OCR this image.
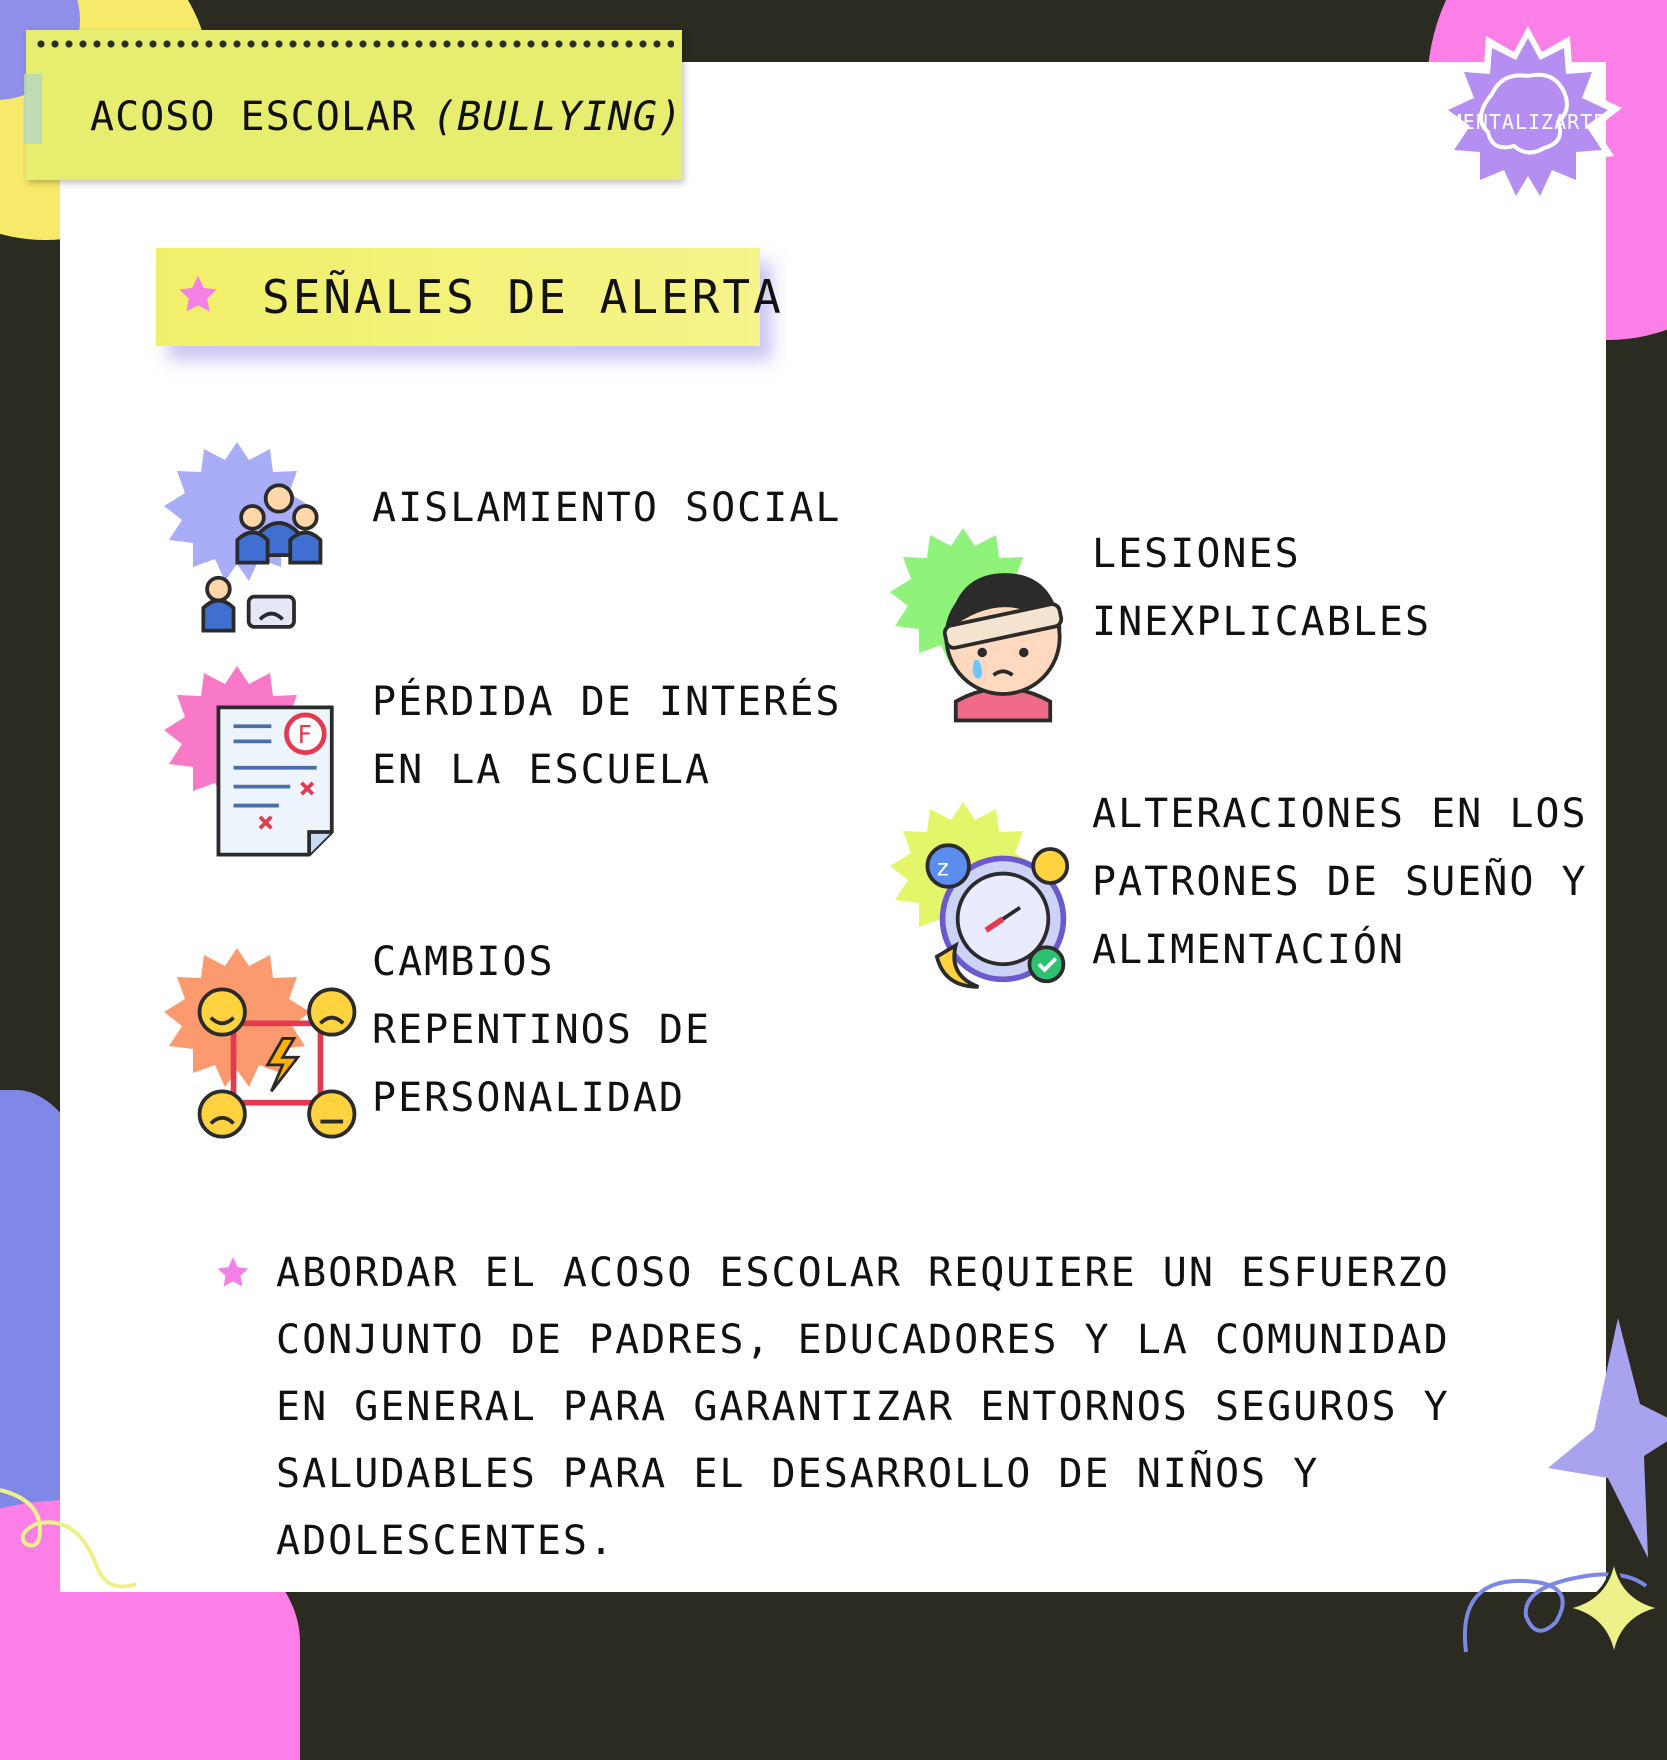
ACOSO ESCOLAR (BULLYING)	MENTALIZARTE
SEÑALES DE ALERTA

AISLAMIENTO SOCIAL

F

PÉRDIDA DE INTERÉS
EN LA ESCUELA

CAMBIOS
REPENTINOS DE
PERSONALIDAD

LESIONES
INEXPLICABLES

z

ALTERACIONES EN LOS
PATRONES DE SUEÑO Y
ALIMENTACIÓN

ABORDAR EL ACOSO ESCOLAR REQUIERE UN ESFUERZO CONJUNTO DE PADRES, EDUCADORES Y LA COMUNIDAD EN GENERAL PARA GARANTIZAR ENTORNOS SEGUROS Y SALUDABLES PARA EL DESARROLLO DE NIÑOS Y ADOLESCENTES.
